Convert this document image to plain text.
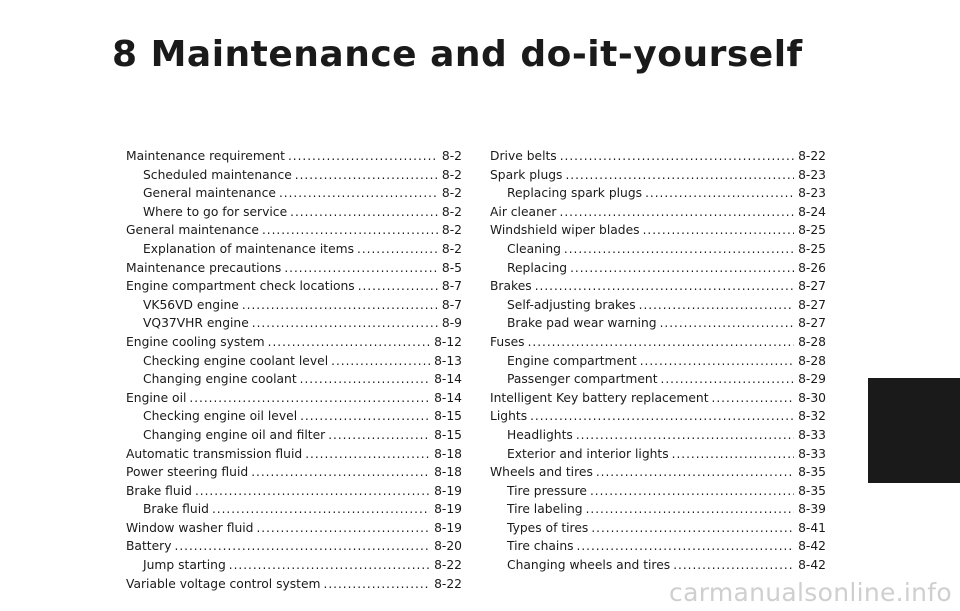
8 Maintenance and do-it-yourself
Maintenance requirement .....	8-2
Scheduled maintenance .....	8-2
General maintenance .....	8-2
Where to go for service .....	8-2
General maintenance .....	8-2
Explanation of maintenance items .....	8-2
Maintenance precautions .....	8-5
Engine compartment check locations .....	8-7
VK56VD engine .....	8-7
VQ37VHR engine .....	8-9
Engine cooling system .....	8-12
Checking engine coolant level .....	8-13
Changing engine coolant .....	8-14
Engine oil .....	8-14
Checking engine oil level .....	8-15
Changing engine oil and filter .....	8-15
Automatic transmission fluid .....	8-18
Power steering fluid .....	8-18
Brake fluid .....	8-19
Brake fluid .....	8-19
Window washer fluid .....	8-19
Battery .....	8-20
Jump starting .....	8-22
Variable voltage control system .....	8-22
Drive belts .....	8-22
Spark plugs .....	8-23
Replacing spark plugs .....	8-23
Air cleaner .....	8-24
Windshield wiper blades .....	8-25
Cleaning .....	8-25
Replacing .....	8-26
Brakes .....	8-27
Self-adjusting brakes .....	8-27
Brake pad wear warning .....	8-27
Fuses .....	8-28
Engine compartment .....	8-28
Passenger compartment .....	8-29
Intelligent Key battery replacement .....	8-30
Lights .....	8-32
Headlights .....	8-33
Exterior and interior lights .....	8-33
Wheels and tires .....	8-35
Tire pressure .....	8-35
Tire labeling .....	8-39
Types of tires .....	8-41
Tire chains .....	8-42
Changing wheels and tires .....	8-42
carmanualsonline.info
